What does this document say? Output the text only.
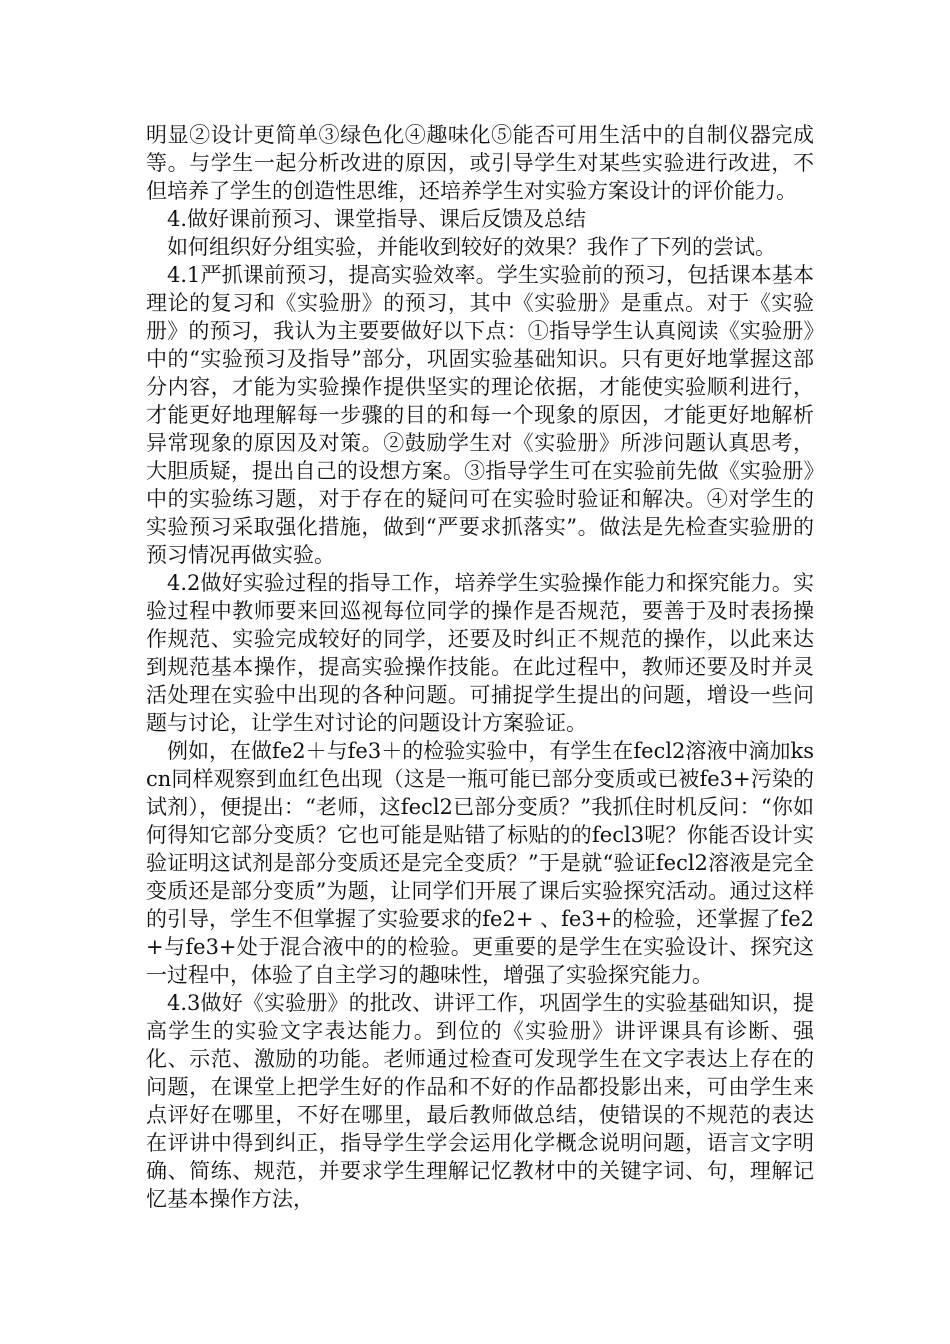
明显②设计更简单③绿色化④趣味化⑤能否可用生活中的自制仪器完成等。与学生一起分析改进的原因，或引导学生对某些实验进行改进，不但培养了学生的创造性思维，还培养学生对实验方案设计的评价能力。

4.做好课前预习、课堂指导、课后反馈及总结

如何组织好分组实验，并能收到较好的效果？我作了下列的尝试。

4.1严抓课前预习，提高实验效率。学生实验前的预习，包括课本基本理论的复习和《实验册》的预习，其中《实验册》是重点。对于《实验册》的预习，我认为主要要做好以下点：①指导学生认真阅读《实验册》中的“实验预习及指导”部分，巩固实验基础知识。只有更好地掌握这部分内容，才能为实验操作提供坚实的理论依据，才能使实验顺利进行，才能更好地理解每一步骤的目的和每一个现象的原因，才能更好地解析异常现象的原因及对策。②鼓励学生对《实验册》所涉问题认真思考，大胆质疑，提出自己的设想方案。③指导学生可在实验前先做《实验册》中的实验练习题，对于存在的疑问可在实验时验证和解决。④对学生的实验预习采取强化措施，做到“严要求抓落实”。做法是先检查实验册的预习情况再做实验。

4.2做好实验过程的指导工作，培养学生实验操作能力和探究能力。实验过程中教师要来回巡视每位同学的操作是否规范，要善于及时表扬操作规范、实验完成较好的同学，还要及时纠正不规范的操作，以此来达到规范基本操作，提高实验操作技能。在此过程中，教师还要及时并灵活处理在实验中出现的各种问题。可捕捉学生提出的问题，增设一些问题与讨论，让学生对讨论的问题设计方案验证。

例如，在做fe2＋与fe3＋的检验实验中，有学生在fecl2溶液中滴加kscn同样观察到血红色出现（这是一瓶可能已部分变质或已被fe3+污染的试剂），便提出：“老师，这fecl2已部分变质？”我抓住时机反问：“你如何得知它部分变质？它也可能是贴错了标贴的的fecl3呢？你能否设计实验证明这试剂是部分变质还是完全变质？”于是就“验证fecl2溶液是完全变质还是部分变质”为题，让同学们开展了课后实验探究活动。通过这样的引导，学生不但掌握了实验要求的fe2+ 、fe3+的检验，还掌握了fe2+与fe3+处于混合液中的的检验。更重要的是学生在实验设计、探究这一过程中，体验了自主学习的趣味性，增强了实验探究能力。

4.3做好《实验册》的批改、讲评工作，巩固学生的实验基础知识，提高学生的实验文字表达能力。到位的《实验册》讲评课具有诊断、强化、示范、激励的功能。老师通过检查可发现学生在文字表达上存在的问题，在课堂上把学生好的作品和不好的作品都投影出来，可由学生来点评好在哪里，不好在哪里，最后教师做总结，使错误的不规范的表达在评讲中得到纠正，指导学生学会运用化学概念说明问题，语言文字明确、简练、规范，并要求学生理解记忆教材中的关键字词、句，理解记忆基本操作方法，
